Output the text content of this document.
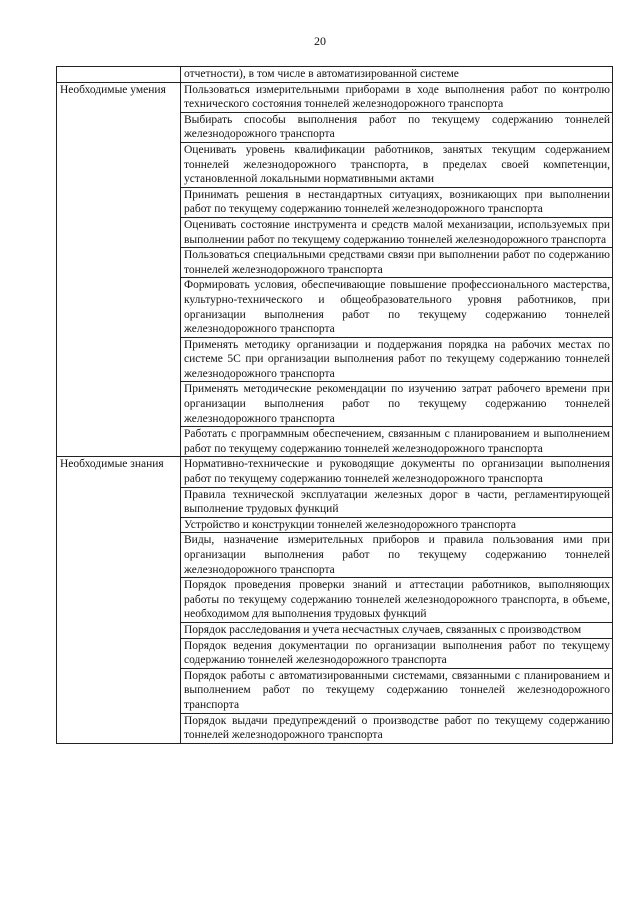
20
	отчетности), в том числе в автоматизированной системе
Необходимые умения	Пользоваться измерительными приборами в ходе выполнения работ по контролю технического состояния тоннелей железнодорожного транспорта
	Выбирать способы выполнения работ по текущему содержанию тоннелей железнодорожного транспорта
	Оценивать уровень квалификации работников, занятых текущим содержанием тоннелей железнодорожного транспорта, в пределах своей компетенции, установленной локальными нормативными актами
	Принимать решения в нестандартных ситуациях, возникающих при выполнении работ по текущему содержанию тоннелей железнодорожного транспорта
	Оценивать состояние инструмента и средств малой механизации, используемых при выполнении работ по текущему содержанию тоннелей железнодорожного транспорта
	Пользоваться специальными средствами связи при выполнении работ по содержанию тоннелей железнодорожного транспорта
	Формировать условия, обеспечивающие повышение профессионального мастерства, культурно-технического и общеобразовательного уровня работников, при организации выполнения работ по текущему содержанию тоннелей железнодорожного транспорта
	Применять методику организации и поддержания порядка на рабочих местах по системе 5С при организации выполнения работ по текущему содержанию тоннелей железнодорожного транспорта
	Применять методические рекомендации по изучению затрат рабочего времени при организации выполнения работ по текущему содержанию тоннелей железнодорожного транспорта
	Работать с программным обеспечением, связанным с планированием и выполнением работ по текущему содержанию тоннелей железнодорожного транспорта
Необходимые знания	Нормативно-технические и руководящие документы по организации выполнения работ по текущему содержанию тоннелей железнодорожного транспорта
	Правила технической эксплуатации железных дорог в части, регламентирующей выполнение трудовых функций
	Устройство и конструкции тоннелей железнодорожного транспорта
	Виды, назначение измерительных приборов и правила пользования ими при организации выполнения работ по текущему содержанию тоннелей железнодорожного транспорта
	Порядок проведения проверки знаний и аттестации работников, выполняющих работы по текущему содержанию тоннелей железнодорожного транспорта, в объеме, необходимом для выполнения трудовых функций
	Порядок расследования и учета несчастных случаев, связанных с производством
	Порядок ведения документации по организации выполнения работ по текущему содержанию тоннелей железнодорожного транспорта
	Порядок работы с автоматизированными системами, связанными с планированием и выполнением работ по текущему содержанию тоннелей железнодорожного транспорта
	Порядок выдачи предупреждений о производстве работ по текущему содержанию тоннелей железнодорожного транспорта
